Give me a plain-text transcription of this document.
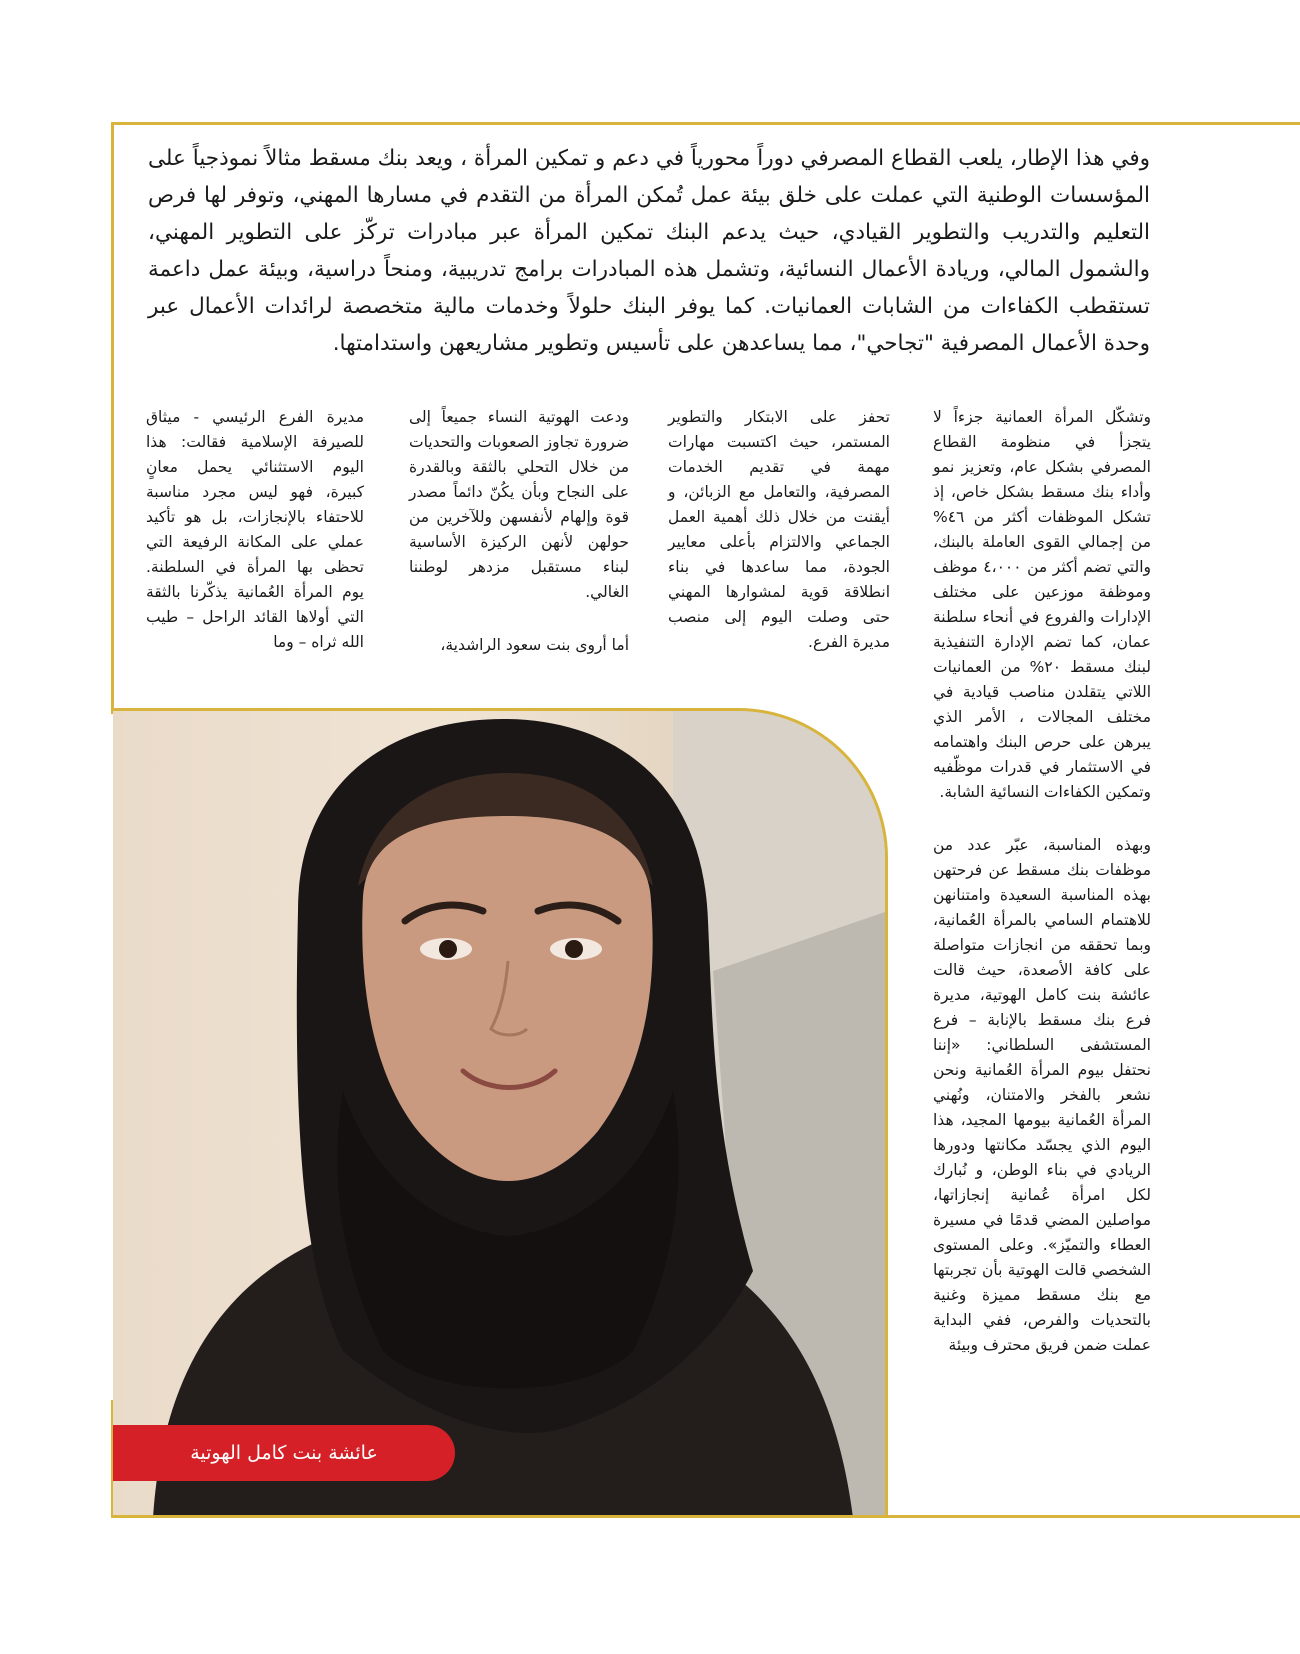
وفي هذا الإطار، يلعب القطاع المصرفي دوراً محورياً في دعم و تمكين المرأة ، ويعد بنك مسقط مثالاً نموذجياً على المؤسسات الوطنية التي عملت على خلق بيئة عمل تُمكن المرأة من التقدم في مسارها المهني، وتوفر لها فرص التعليم والتدريب والتطوير القيادي، حيث يدعم البنك تمكين المرأة عبر مبادرات تركّز على التطوير المهني، والشمول المالي، وريادة الأعمال النسائية، وتشمل هذه المبادرات برامج تدريبية، ومنحاً دراسية، وبيئة عمل داعمة تستقطب الكفاءات من الشابات العمانيات. كما يوفر البنك حلولاً وخدمات مالية متخصصة لرائدات الأعمال عبر وحدة الأعمال المصرفية "تجاحي"، مما يساعدهن على تأسيس وتطوير مشاريعهن واستدامتها.

وتشكّل المرأة العمانية جزءاً لا يتجزأ في منظومة القطاع المصرفي بشكل عام، وتعزيز نمو وأداء بنك مسقط بشكل خاص، إذ تشكل الموظفات أكثر من ٤٦% من إجمالي القوى العاملة بالبنك، والتي تضم أكثر من ٤،٠٠٠ موظف وموظفة موزعين على مختلف الإدارات والفروع في أنحاء سلطنة عمان، كما تضم الإدارة التنفيذية لبنك مسقط ٢٠% من العمانيات اللاتي يتقلدن مناصب قيادية في مختلف المجالات ، الأمر الذي يبرهن على حرص البنك واهتمامه في الاستثمار في قدرات موظّفيه وتمكين الكفاءات النسائية الشابة.

وبهذه المناسبة، عبّر عدد من موظفات بنك مسقط عن فرحتهن بهذه المناسبة السعيدة وامتنانهن للاهتمام السامي بالمرأة العُمانية، وبما تحققه من انجازات متواصلة على كافة الأصعدة، حيث قالت عائشة بنت كامل الهوتية، مديرة فرع بنك مسقط بالإنابة – فرع المستشفى السلطاني: «إننا نحتفل بيوم المرأة العُمانية ونحن نشعر بالفخر والامتنان، ونُهني المرأة العُمانية بيومها المجيد، هذا اليوم الذي يجسّد مكانتها ودورها الريادي في بناء الوطن، و نُبارك لكل امرأة عُمانية إنجازاتها، مواصلين المضي قدمًا في مسيرة العطاء والتميّز». وعلى المستوى الشخصي قالت الهوتية بأن تجربتها مع بنك مسقط مميزة وغنية بالتحديات والفرص، ففي البداية عملت ضمن فريق محترف وبيئة

تحفز على الابتكار والتطوير المستمر، حيث اكتسبت مهارات مهمة في تقديم الخدمات المصرفية، والتعامل مع الزبائن، و أيقنت من خلال ذلك أهمية العمل الجماعي والالتزام بأعلى معايير الجودة، مما ساعدها في بناء انطلاقة قوية لمشوارها المهني حتى وصلت اليوم إلى منصب مديرة الفرع.

ودعت الهوتية النساء جميعاً إلى ضرورة تجاوز الصعوبات والتحديات من خلال التحلي بالثقة وبالقدرة على النجاح وبأن يكُنّ دائماً مصدر قوة وإلهام لأنفسهن وللآخرين من حولهن لأنهن الركيزة الأساسية لبناء مستقبل مزدهر لوطننا الغالي.

أما أروى بنت سعود الراشدية،

مديرة الفرع الرئيسي - ميثاق للصيرفة الإسلامية فقالت: هذا اليوم الاستثنائي يحمل معانٍ كبيرة، فهو ليس مجرد مناسبة للاحتفاء بالإنجازات، بل هو تأكيد عملي على المكانة الرفيعة التي تحظى بها المرأة في السلطنة. يوم المرأة العُمانية يذكّرنا بالثقة التي أولاها القائد الراحل – طيب الله ثراه – وما

عائشة بنت كامل الهوتية
